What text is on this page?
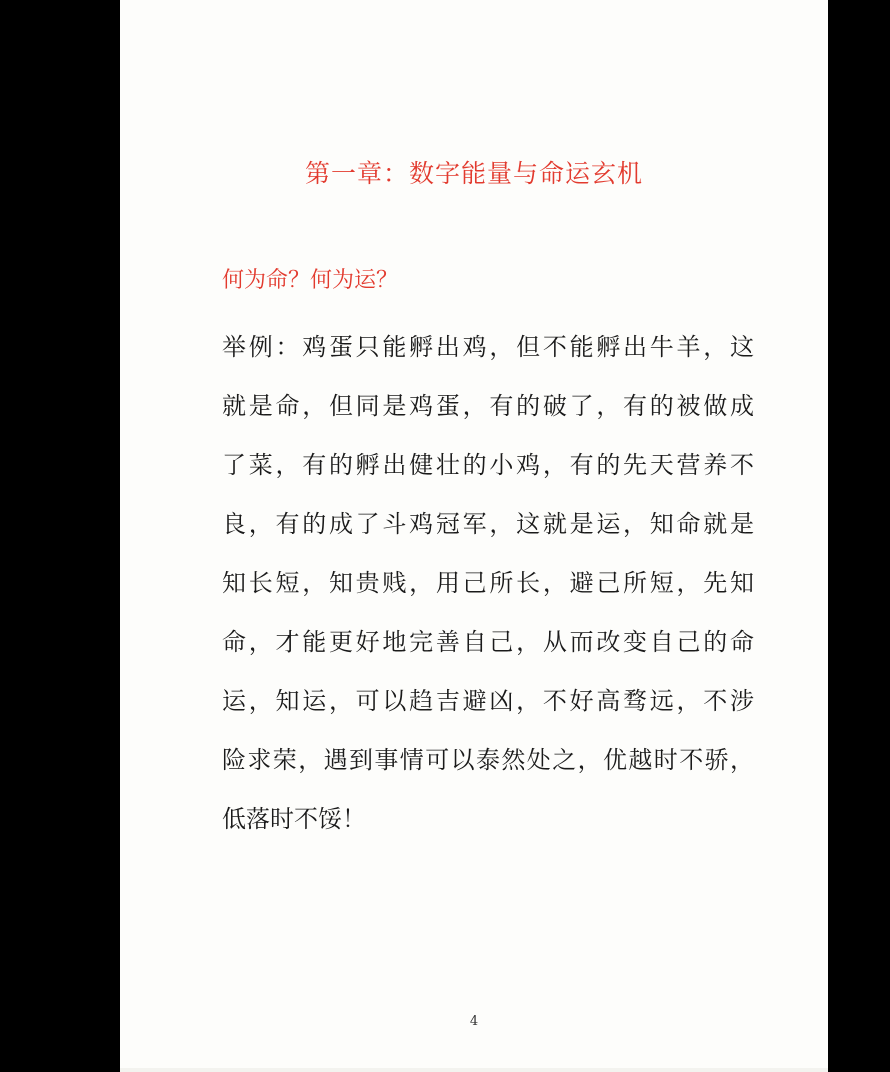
第一章：数字能量与命运玄机
何为命？何为运？
举例：鸡蛋只能孵出鸡，但不能孵出牛羊，这
就是命，但同是鸡蛋，有的破了，有的被做成
了菜，有的孵出健壮的小鸡，有的先天营养不
良，有的成了斗鸡冠军，这就是运，知命就是
知长短，知贵贱，用己所长，避己所短，先知
命，才能更好地完善自己，从而改变自己的命
运，知运，可以趋吉避凶，不好高骛远，不涉
险求荣，遇到事情可以泰然处之，优越时不骄，
低落时不馁！
4
